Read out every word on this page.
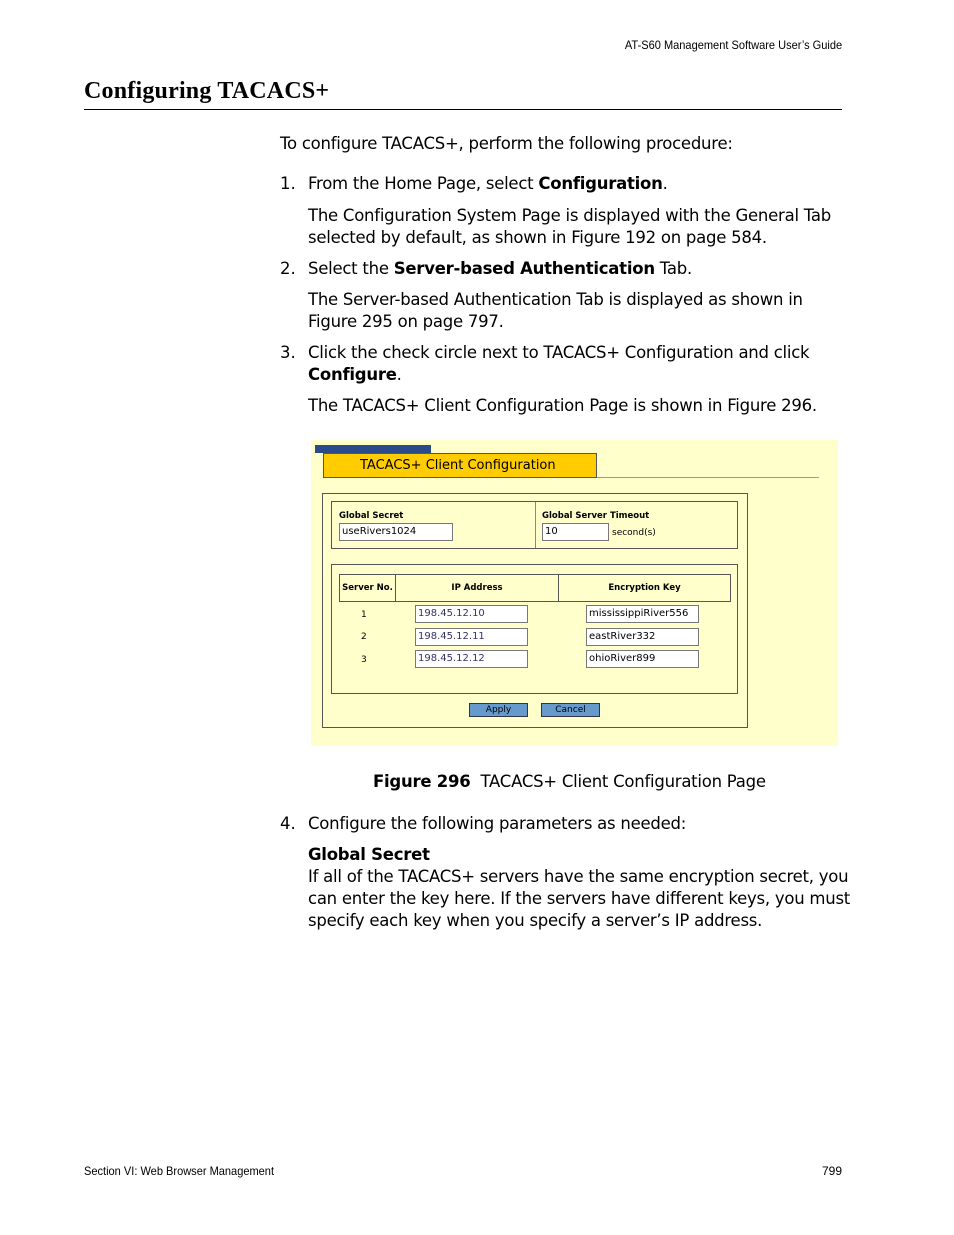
AT-S60 Management Software User’s Guide
Configuring TACACS+
To configure TACACS+, perform the following procedure:
1. From the Home Page, select Configuration.
The Configuration System Page is displayed with the General Tab
selected by default, as shown in Figure 192 on page 584.
2. Select the Server-based Authentication Tab.
The Server-based Authentication Tab is displayed as shown in
Figure 295 on page 797.
3. Click the check circle next to TACACS+ Configuration and click
Configure.
The TACACS+ Client Configuration Page is shown in Figure 296.
TACACS+ Client Configuration
Global Secret
useRivers1024
Global Server Timeout
10	second(s)
Server No.	IP Address	Encryption Key
1	198.45.12.10	mississippiRiver556
2	198.45.12.11	eastRiver332
3	198.45.12.12	ohioRiver899
Apply	Cancel
Figure 296 TACACS+ Client Configuration Page
4. Configure the following parameters as needed:
Global Secret
If all of the TACACS+ servers have the same encryption secret, you
can enter the key here. If the servers have different keys, you must
specify each key when you specify a server’s IP address.
Section VI: Web Browser Management	799
